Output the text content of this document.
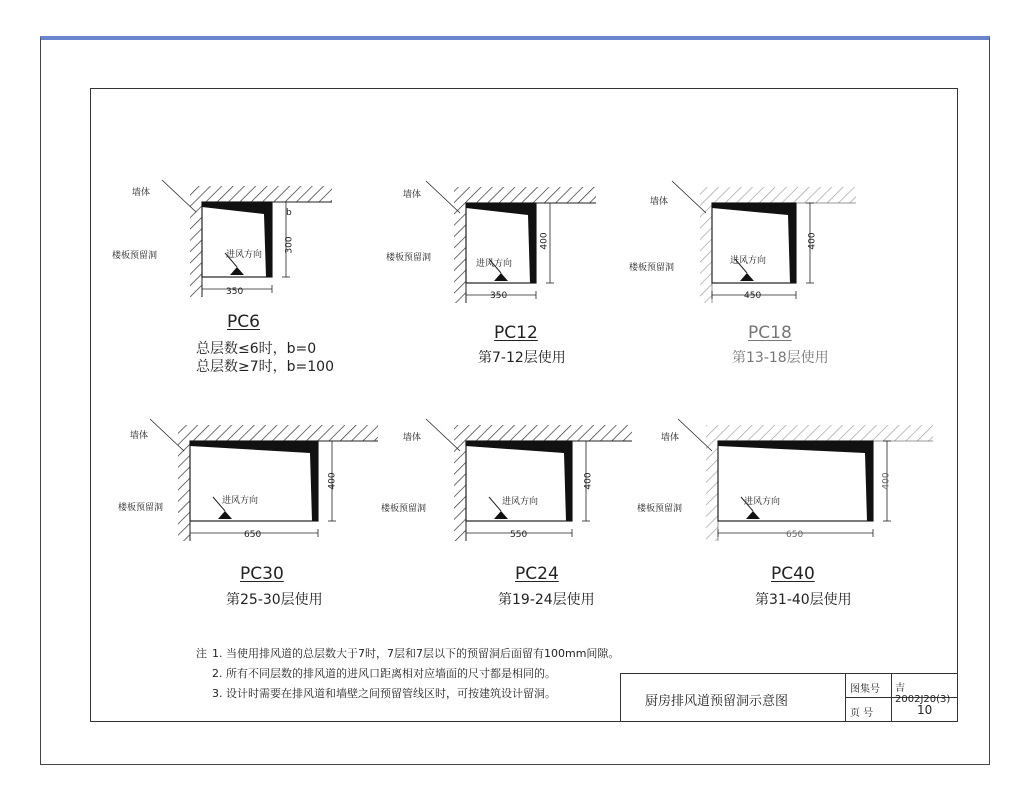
墙体
楼板预留洞	进风方向
350
300
b
PC6
总层数≤6时，b=0
总层数≥7时，b=100
墙体
楼板预留洞
进风方向
350
400
PC12
第7-12层使用
墙体
楼板预留洞
进风方向
450
400
PC18
第13-18层使用
墙体
楼板预留洞
进风方向
650
400
PC30
第25-30层使用
墙体
楼板预留洞
进风方向
550
400
PC24
第19-24层使用
墙体
楼板预留洞
进风方向
650
400
PC40
第31-40层使用
注 1. 当使用排风道的总层数大于7时，7层和7层以下的预留洞后面留有100mm间隙。
2. 所有不同层数的排风道的进风口距离相对应墙面的尺寸都是相同的。
3. 设计时需要在排风道和墙壁之间预留管线区时，可按建筑设计留洞。
厨房排风道预留洞示意图
图集号 吉2002J20(3)
页 号	10
